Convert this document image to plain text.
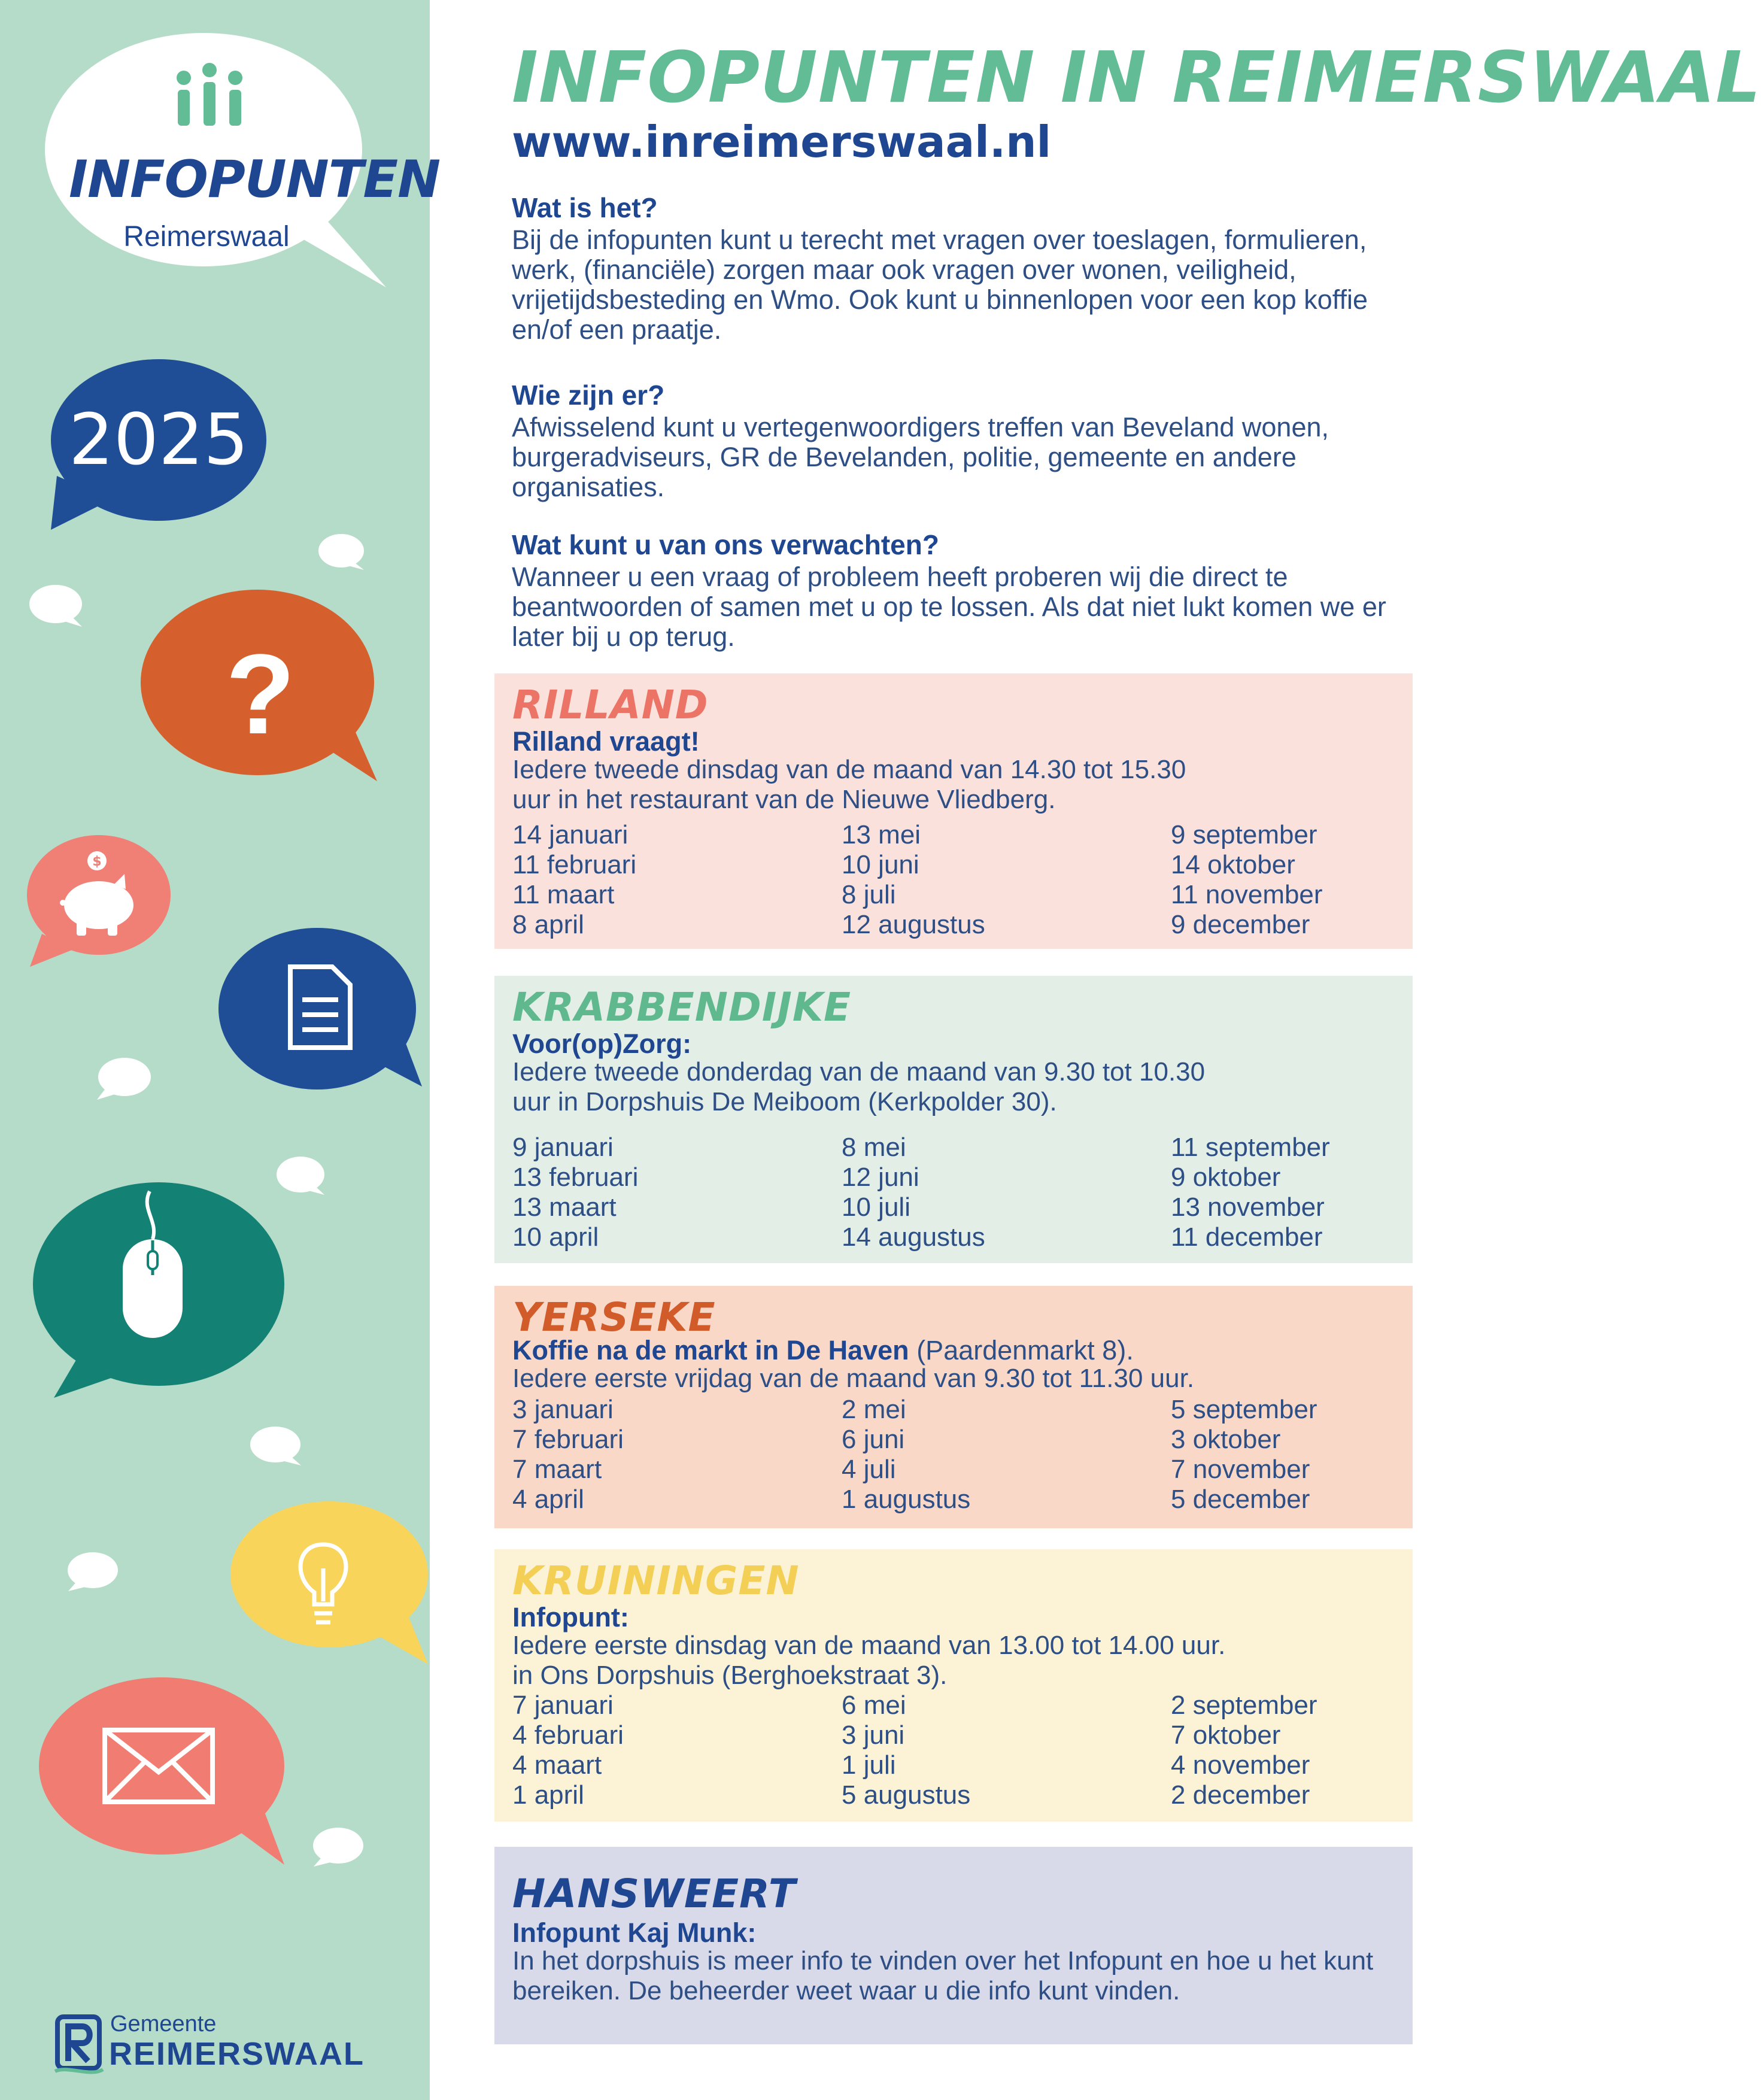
INFOPUNTEN
Reimerswaal
2025
?
$
Gemeente
REIMERSWAAL
INFOPUNTEN IN REIMERSWAAL
www.inreimerswaal.nl
Wat is het?

Bij de infopunten kunt u terecht met vragen over toeslagen, formulieren, werk, (financiële) zorgen maar ook vragen over wonen, veiligheid, vrijetijdsbesteding en Wmo. Ook kunt u binnenlopen voor een kop koffie en/of een praatje.

Wie zijn er?

Afwisselend kunt u vertegenwoordigers treffen van Beveland wonen, burgeradviseurs, GR de Bevelanden, politie, gemeente en andere organisaties.

Wat kunt u van ons verwachten?

Wanneer u een vraag of probleem heeft proberen wij die direct te beantwoorden of samen met u op te lossen. Als dat niet lukt komen we er later bij u op terug.

RILLAND
Rilland vraagt!
Iedere tweede dinsdag van de maand van 14.30 tot 15.30
uur in het restaurant van de Nieuwe Vliedberg.
14 januari	13 mei	9 september
11 februari	10 juni	14 oktober
11 maart	8 juli	11 november
8 april	12 augustus	9 december
KRABBENDIJKE
Voor(op)Zorg:
Iedere tweede donderdag van de maand van 9.30 tot 10.30
uur in Dorpshuis De Meiboom (Kerkpolder 30).
9 januari	8 mei	11 september
13 februari	12 juni	9 oktober
13 maart	10 juli	13 november
10 april	14 augustus	11 december
YERSEKE
Koffie na de markt in De Haven (Paardenmarkt 8).
Iedere eerste vrijdag van de maand van 9.30 tot 11.30 uur.
3 januari	2 mei	5 september
7 februari	6 juni	3 oktober
7 maart	4 juli	7 november
4 april	1 augustus	5 december
KRUININGEN
Infopunt:
Iedere eerste dinsdag van de maand van 13.00 tot 14.00 uur.
in Ons Dorpshuis (Berghoekstraat 3).
7 januari	6 mei	2 september
4 februari	3 juni	7 oktober
4 maart	1 juli	4 november
1 april	5 augustus	2 december
HANSWEERT
Infopunt Kaj Munk:
In het dorpshuis is meer info te vinden over het Infopunt en hoe u het kunt bereiken. De beheerder weet waar u die info kunt vinden.
